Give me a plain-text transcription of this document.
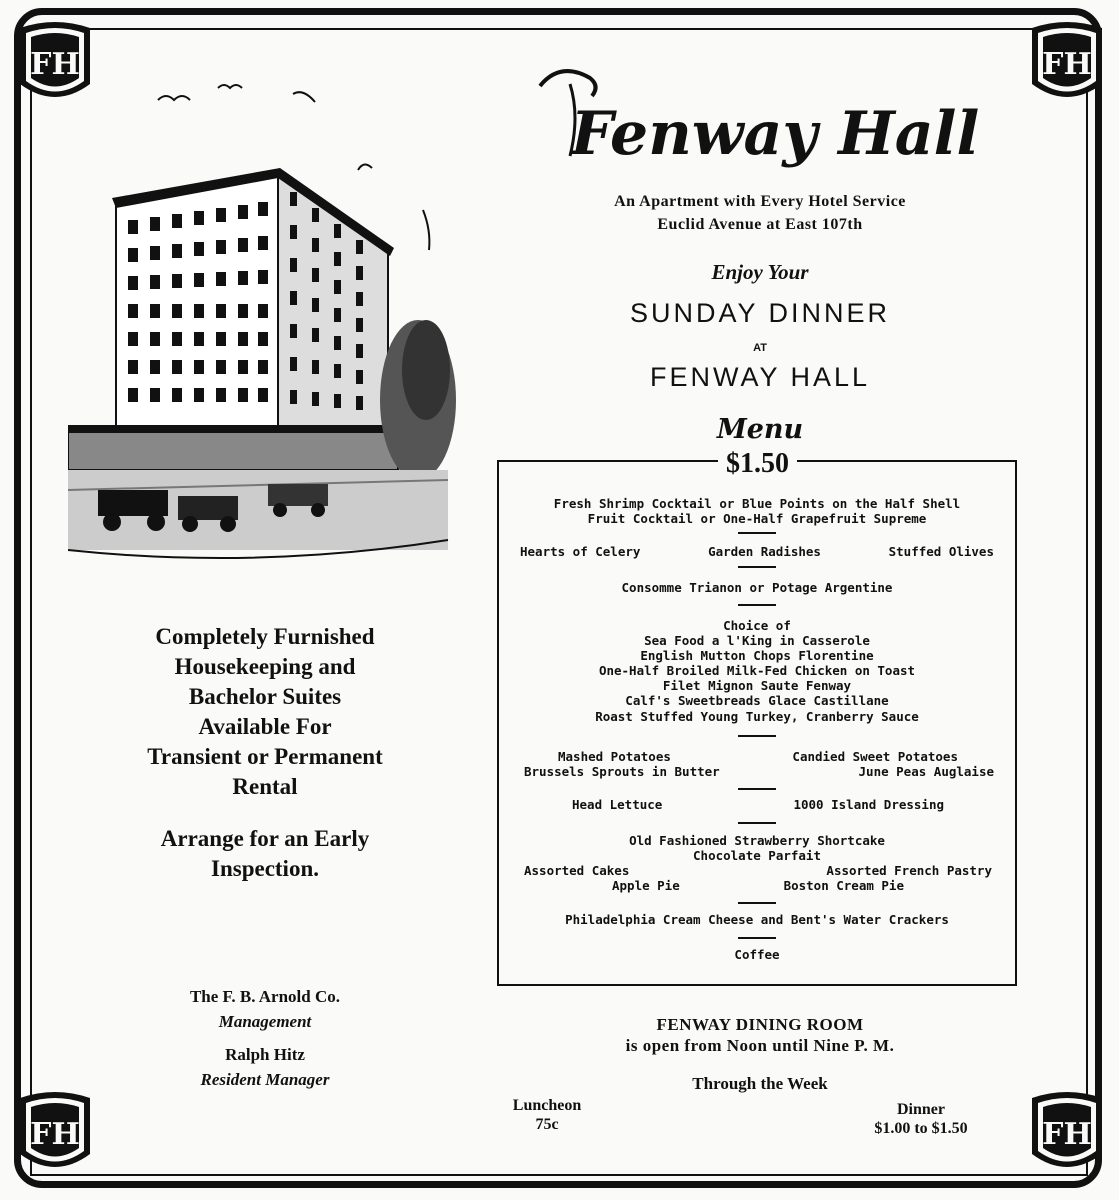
FH	FH
FH	FH
Completely Furnished
Housekeeping and
Bachelor Suites
Available For
Transient or Permanent
Rental
Arrange for an Early
Inspection.
The F. B. Arnold Co.
Management
Ralph Hitz
Resident Manager
Fenway Hall
An Apartment with Every Hotel Service
Euclid Avenue at East 107th
Enjoy Your
SUNDAY DINNER
AT
FENWAY HALL
Menu
$1.50
Fresh Shrimp Cocktail or Blue Points on the Half Shell
Fruit Cocktail or One-Half Grapefruit Supreme
Hearts of Celery	Garden Radishes	Stuffed Olives
Consomme Trianon or Potage Argentine
Choice of
Sea Food a l'King in Casserole
English Mutton Chops Florentine
One-Half Broiled Milk-Fed Chicken on Toast
Filet Mignon Saute Fenway
Calf's Sweetbreads Glace Castillane
Roast Stuffed Young Turkey, Cranberry Sauce
Mashed Potatoes	Candied Sweet Potatoes
Brussels Sprouts in Butter	June Peas Auglaise
Head Lettuce	1000 Island Dressing
Old Fashioned Strawberry Shortcake
Chocolate Parfait
Assorted Cakes	Assorted French Pastry
Apple Pie	Boston Cream Pie
Philadelphia Cream Cheese and Bent's Water Crackers
Coffee
FENWAY DINING ROOM
is open from Noon until Nine P. M.
Through the Week
Luncheon
75c
Dinner
$1.00 to $1.50
